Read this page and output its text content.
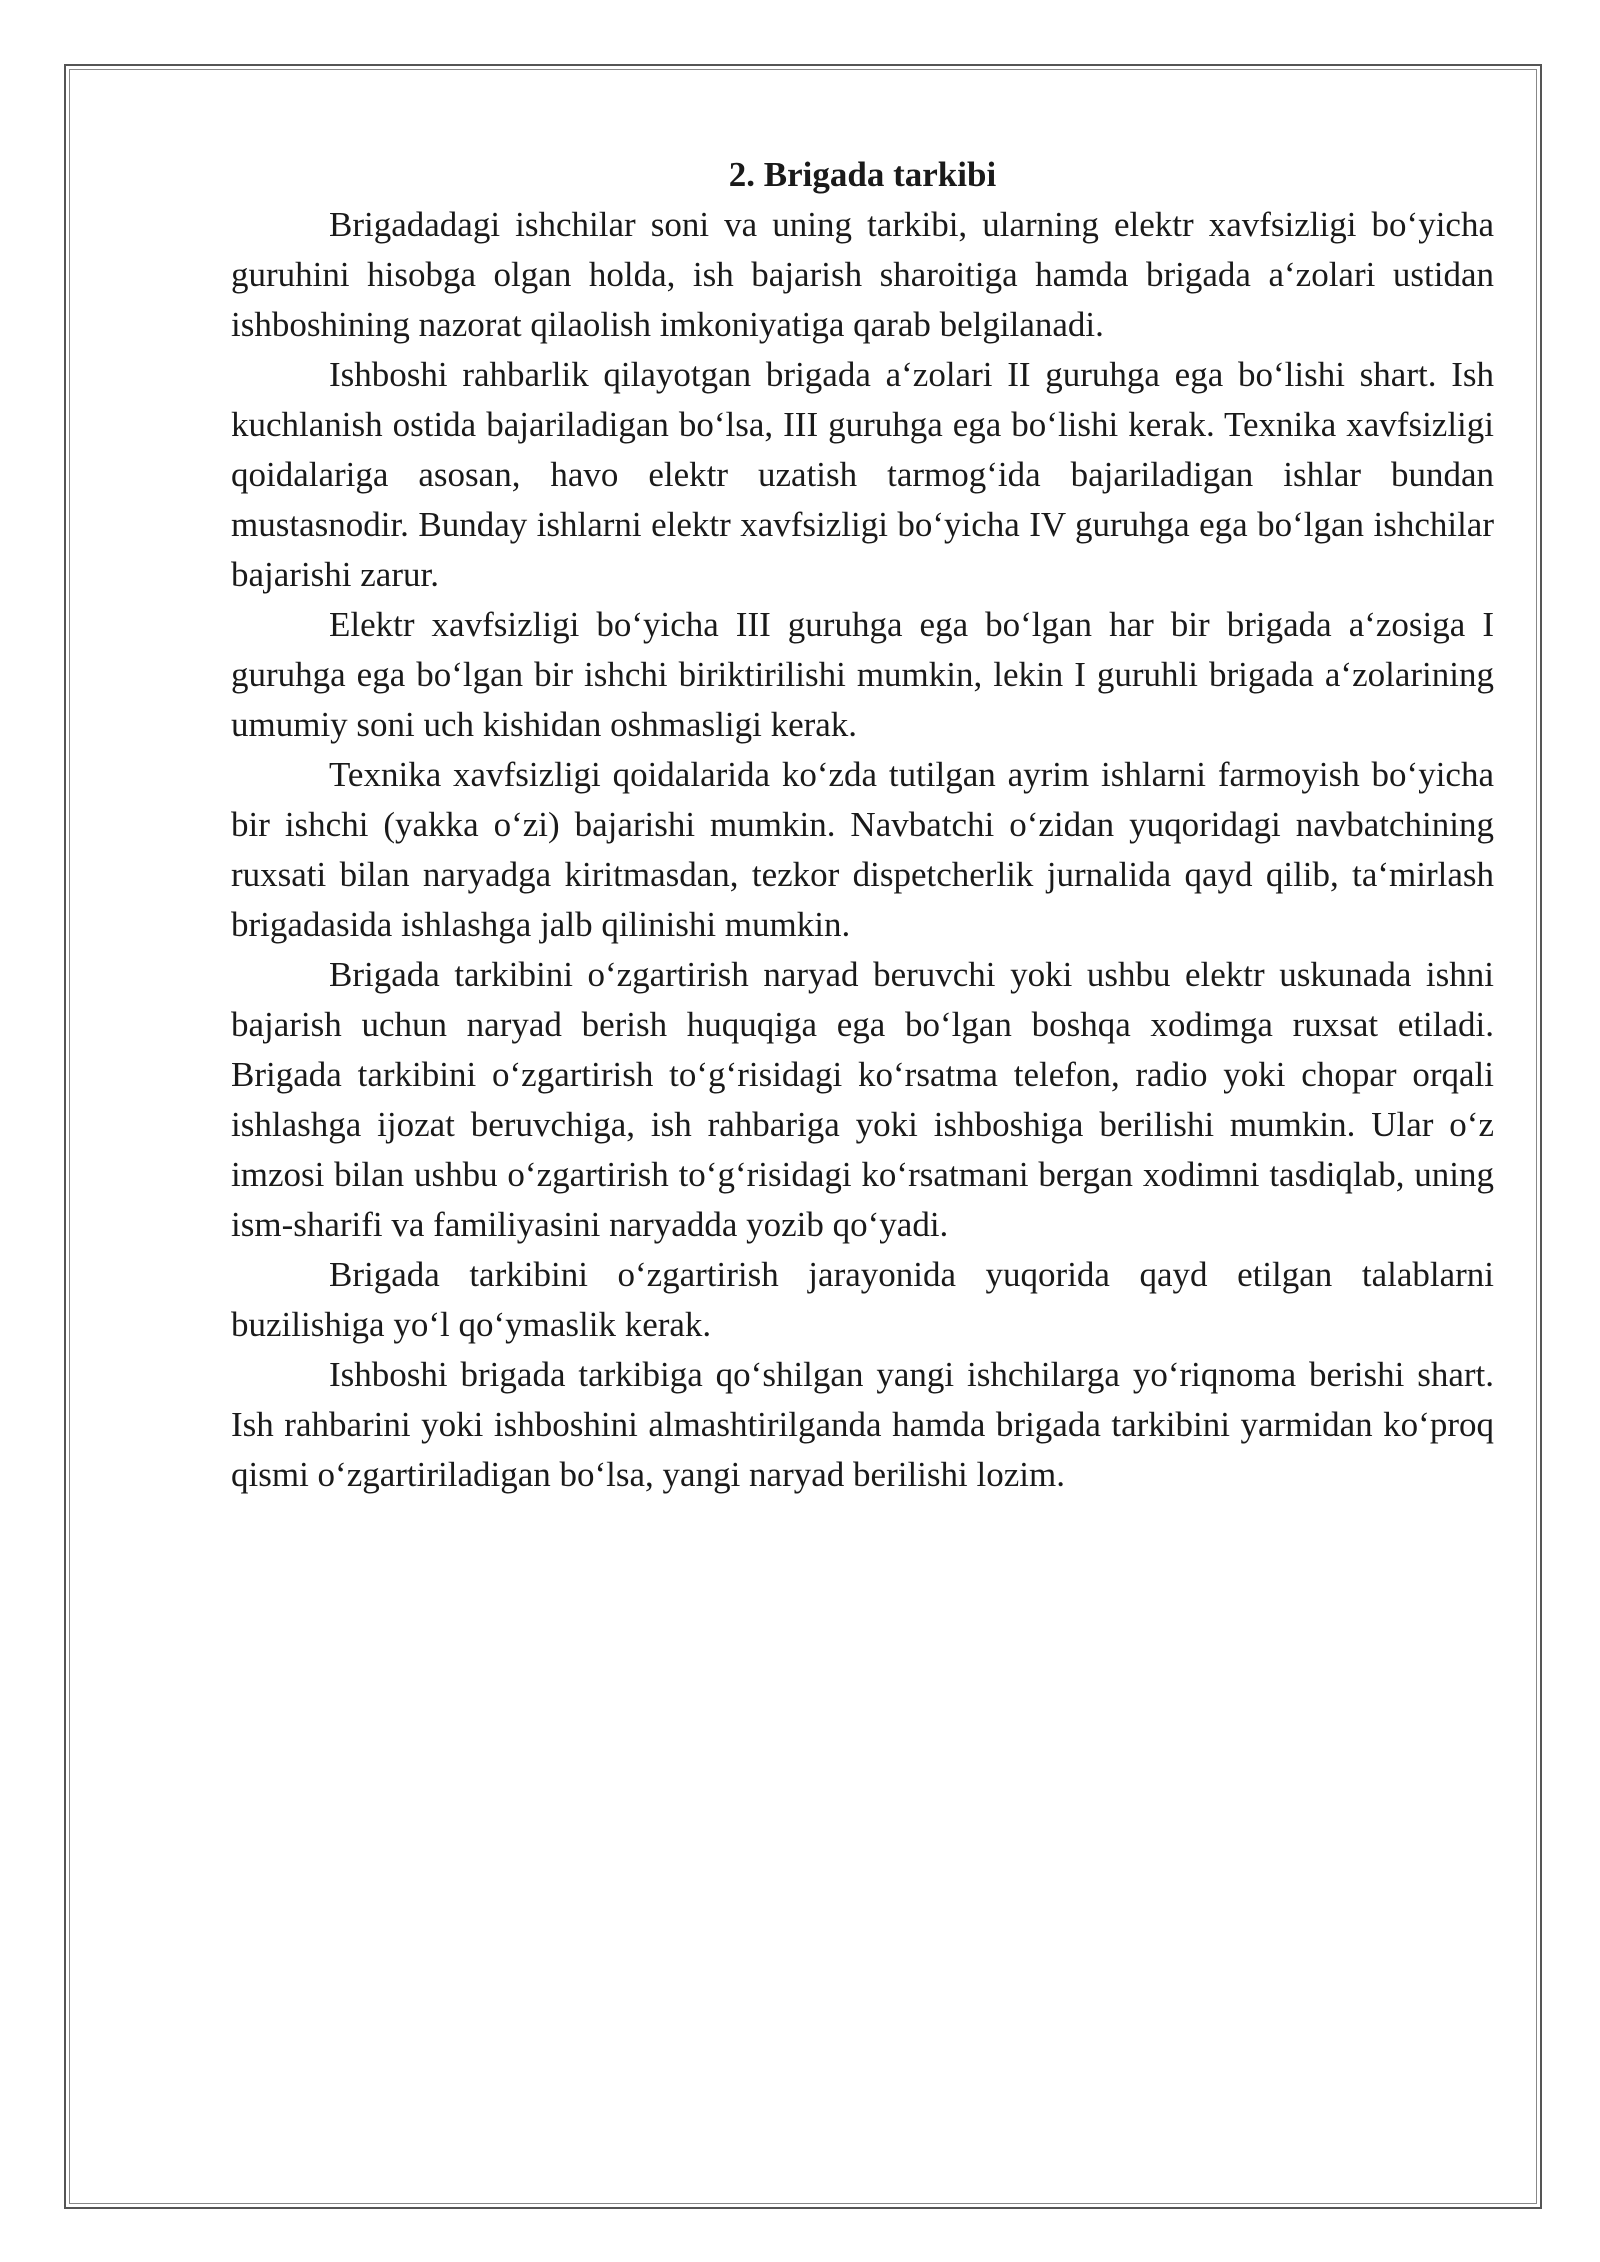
2. Brigada tarkibi

Brigadadagi ishchilar soni va uning tarkibi, ularning elektr xavfsizligi bo‘yicha guruhini hisobga olgan holda, ish bajarish sharoitiga hamda brigada a‘zolari ustidan ishboshining nazorat qilaolish imkoniyatiga qarab belgilanadi.

Ishboshi rahbarlik qilayotgan brigada a‘zolari II guruhga ega bo‘lishi shart. Ish kuchlanish ostida bajariladigan bo‘lsa, III guruhga ega bo‘lishi kerak. Texnika xavfsizligi qoidalariga asosan, havo elektr uzatish tarmog‘ida bajariladigan ishlar bundan mustasnodir. Bunday ishlarni elektr xavfsizligi bo‘yicha IV guruhga ega bo‘lgan ishchilar bajarishi zarur.

Elektr xavfsizligi bo‘yicha III guruhga ega bo‘lgan har bir brigada a‘zosiga I guruhga ega bo‘lgan bir ishchi biriktirilishi mumkin, lekin I guruhli brigada a‘zolarining umumiy soni uch kishidan oshmasligi kerak.

Texnika xavfsizligi qoidalarida ko‘zda tutilgan ayrim ishlarni farmoyish bo‘yicha bir ishchi (yakka o‘zi) bajarishi mumkin. Navbatchi o‘zidan yuqoridagi navbatchining ruxsati bilan naryadga kiritmasdan, tezkor dispetcherlik jurnalida qayd qilib, ta‘mirlash brigadasida ishlashga jalb qilinishi mumkin.

Brigada tarkibini o‘zgartirish naryad beruvchi yoki ushbu elektr uskunada ishni bajarish uchun naryad berish huquqiga ega bo‘lgan boshqa xodimga ruxsat etiladi. Brigada tarkibini o‘zgartirish to‘g‘risidagi ko‘rsatma telefon, radio yoki chopar orqali ishlashga ijozat beruvchiga, ish rahbariga yoki ishboshiga berilishi mumkin. Ular o‘z imzosi bilan ushbu o‘zgartirish to‘g‘risidagi ko‘rsatmani bergan xodimni tasdiqlab, uning ism-sharifi va familiyasini naryadda yozib qo‘yadi.

Brigada tarkibini o‘zgartirish jarayonida yuqorida qayd etilgan talablarni buzilishiga yo‘l qo‘ymaslik kerak.

Ishboshi brigada tarkibiga qo‘shilgan yangi ishchilarga yo‘riqnoma berishi shart. Ish rahbarini yoki ishboshini almashtirilganda hamda brigada tarkibini yarmidan ko‘proq qismi o‘zgartiriladigan bo‘lsa, yangi naryad berilishi lozim.
